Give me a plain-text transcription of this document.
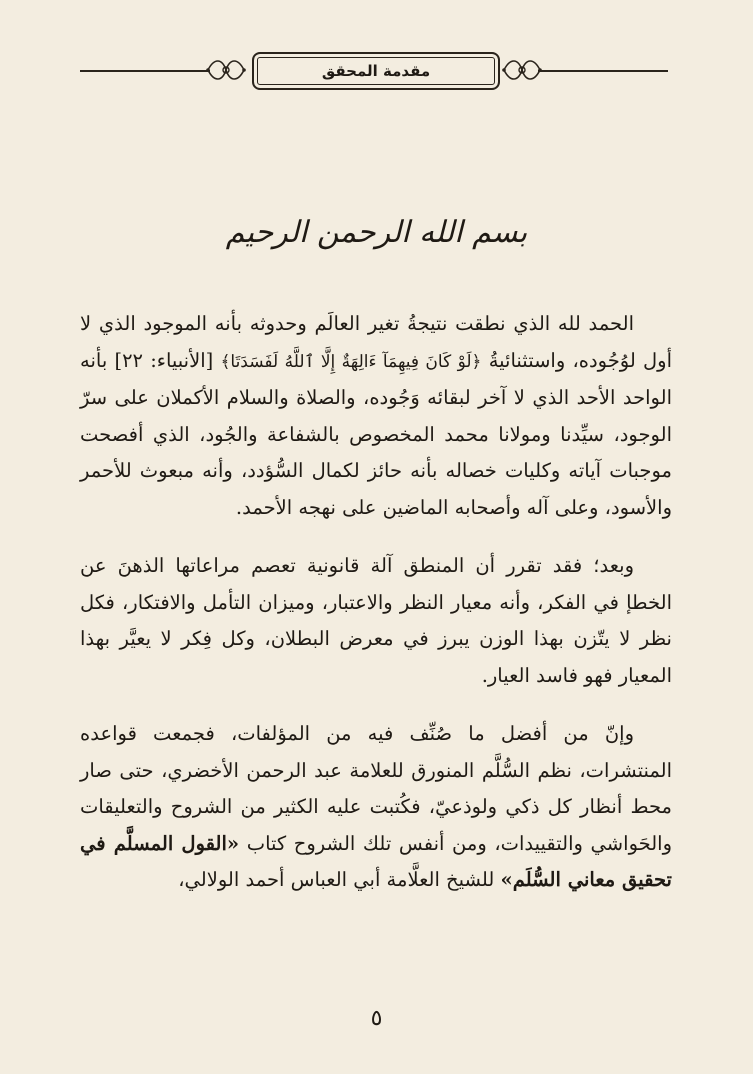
مقدمة المحقق
بسم الله الرحمن الرحيم

الحمد لله الذي نطقت نتيجةُ تغير العالَم وحدوثه بأنه الموجود الذي لا أول لوُجُوده، واستثنائيةُ ﴿لَوْ كَانَ فِيهِمَآ ءَالِهَةٌ إِلَّا ٱللَّهُ لَفَسَدَتَا﴾ [الأنبياء: ٢٢] بأنه الواحد الأحد الذي لا آخر لبقائه وَجُوده، والصلاة والسلام الأكملان على سرّ الوجود، سيِّدنا ومولانا محمد المخصوص بالشفاعة والجُود، الذي أفصحت موجبات آياته وكليات خصاله بأنه حائز لكمال السُّؤدد، وأنه مبعوث للأحمر والأسود، وعلى آله وأصحابه الماضين على نهجه الأحمد.

وبعد؛ فقد تقرر أن المنطق آلة قانونية تعصم مراعاتها الذهنَ عن الخطإ في الفكر، وأنه معيار النظر والاعتبار، وميزان التأمل والافتكار، فكل نظر لا يتّزن بهذا الوزن يبرز في معرض البطلان، وكل فِكر لا يعيَّر بهذا المعيار فهو فاسد العيار.

وإنّ من أفضل ما صُنِّف فيه من المؤلفات، فجمعت قواعده المنتشرات، نظم السُّلَّم المنورق للعلامة عبد الرحمن الأخضري، حتى صار محط أنظار كل ذكي ولوذعيّ، فكُتبت عليه الكثير من الشروح والتعليقات والحَواشي والتقييدات، ومن أنفس تلك الشروح كتاب «القول المسلَّم في تحقيق معاني السُّلَم» للشيخ العلَّامة أبي العباس أحمد الولالي،

٥
